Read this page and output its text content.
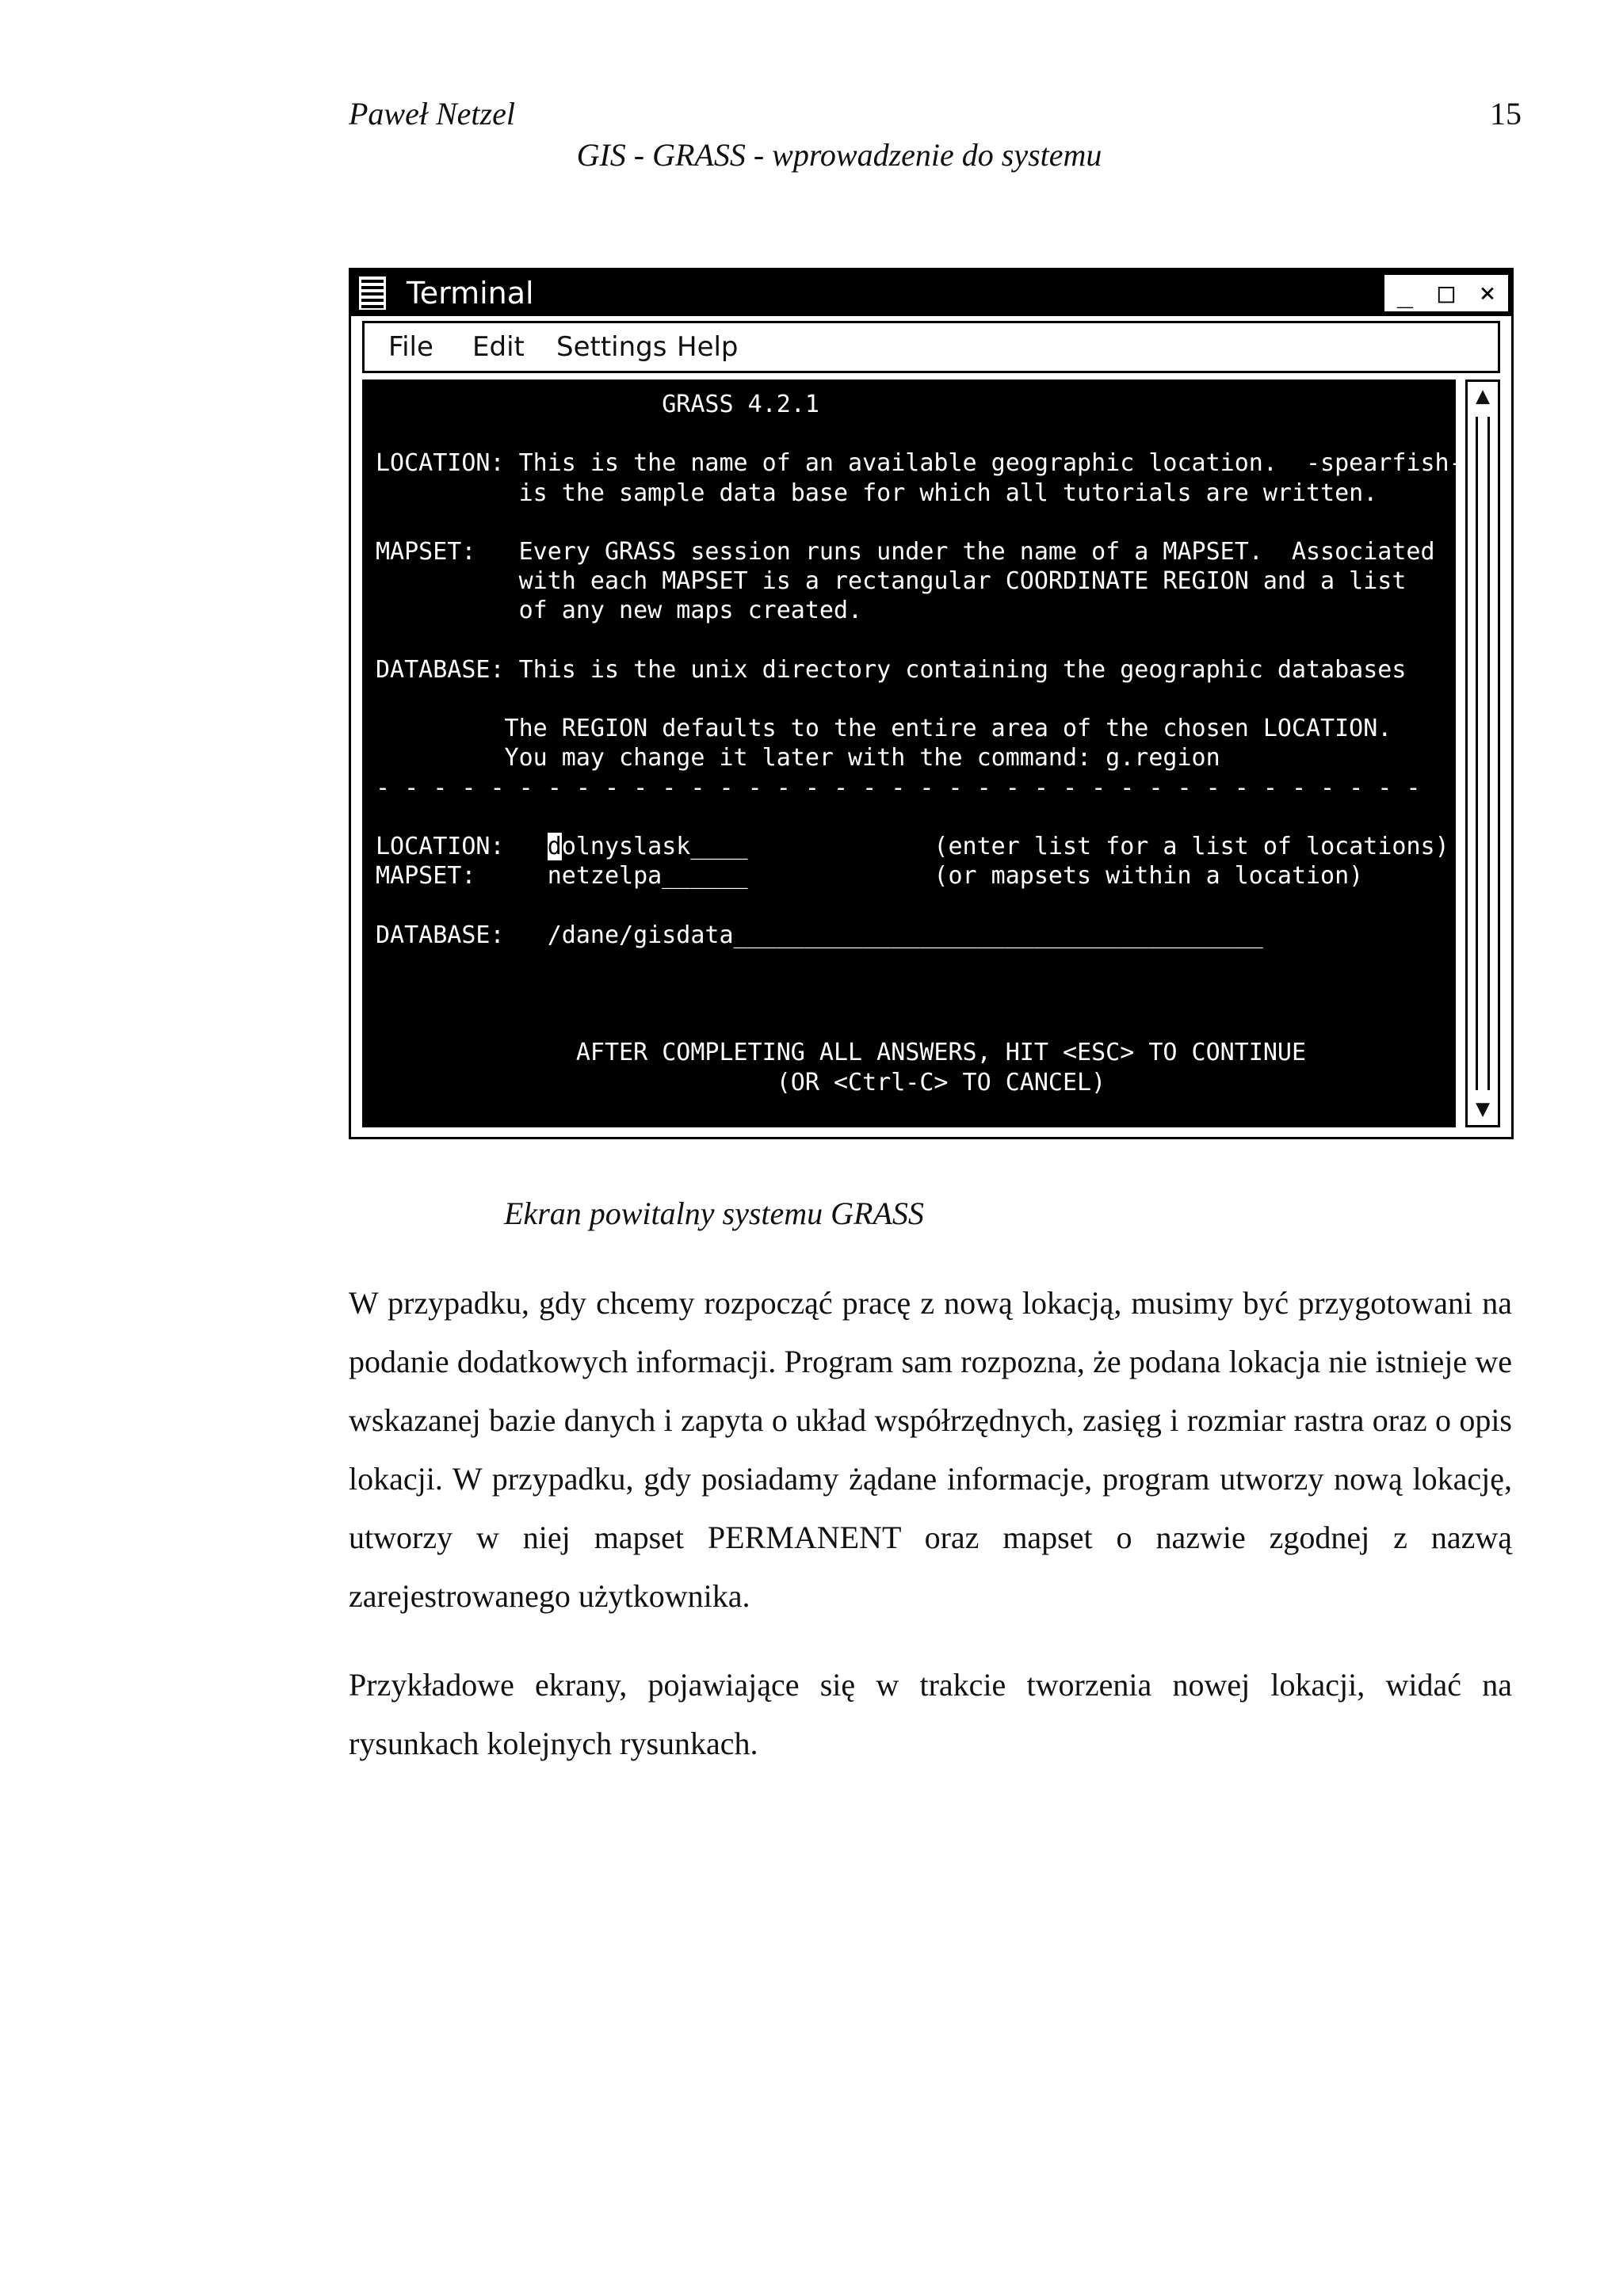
Paweł Netzel	15
GIS - GRASS - wprowadzenie do systemu
Terminal	_ □ ×
File Edit Settings Help
GRASS 4.2.1

LOCATION: This is the name of an available geographic location.  -spearfish-
is the sample data base for which all tutorials are written.

MAPSET:   Every GRASS session runs under the name of a MAPSET.  Associated
with each MAPSET is a rectangular COORDINATE REGION and a list
of any new maps created.

DATABASE: This is the unix directory containing the geographic databases

The REGION defaults to the entire area of the chosen LOCATION.
You may change it later with the command: g.region
- - - - - - - - - - - - - - - - - - - - - - - - - - - - - - - - - - - - -

LOCATION:   dolnyslask____             (enter list for a list of locations)
MAPSET:     netzelpa______             (or mapsets within a location)

DATABASE:   /dane/gisdata_____________________________________

AFTER COMPLETING ALL ANSWERS, HIT <ESC> TO CONTINUE
(OR <Ctrl-C> TO CANCEL)
▲
▼
Ekran powitalny systemu GRASS

W przypadku, gdy chcemy rozpocząć pracę z nową lokacją, musimy być przygotowani na podanie dodatkowych informacji. Program sam rozpozna, że podana lokacja nie istnieje we wskazanej bazie danych i zapyta o układ współrzędnych, zasięg i rozmiar rastra oraz o opis lokacji. W przypadku, gdy posiadamy żądane informacje, program utworzy nową lokację, utworzy w niej mapset PERMANENT oraz mapset o nazwie zgodnej z nazwą zarejestrowanego użytkownika.

Przykładowe ekrany, pojawiające się w trakcie tworzenia nowej lokacji, widać na rysunkach kolejnych rysunkach.
